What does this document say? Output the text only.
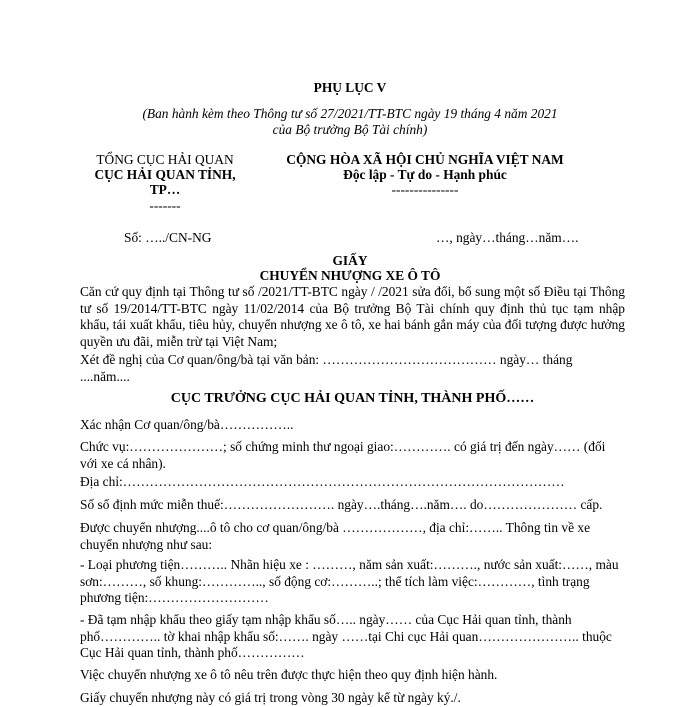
PHỤ LỤC V

(Ban hành kèm theo Thông tư số 27/2021/TT-BTC ngày 19 tháng 4 năm 2021

của Bộ trưởng Bộ Tài chính)

TỔNG CỤC HẢI QUAN

CỤC HẢI QUAN TỈNH,

TP…

-------

CỘNG HÒA XÃ HỘI CHỦ NGHĨA VIỆT NAM

Độc lập - Tự do - Hạnh phúc

---------------

Số: …../CN-NG	…, ngày…tháng…năm….

GIẤY

CHUYỂN NHƯỢNG XE Ô TÔ

Căn cứ quy định tại Thông tư số /2021/TT-BTC ngày / /2021 sửa đổi, bổ sung một số Điều tại Thông tư số 19/2014/TT-BTC ngày 11/02/2014 của Bộ trưởng Bộ Tài chính quy định thủ tục tạm nhập khẩu, tái xuất khẩu, tiêu hủy, chuyển nhượng xe ô tô, xe hai bánh gắn máy của đối tượng được hưởng quyền ưu đãi, miễn trừ tại Việt Nam;

Xét đề nghị của Cơ quan/ông/bà tại văn bản: ………………………………… ngày… tháng ....năm....

CỤC TRƯỞNG CỤC HẢI QUAN TỈNH, THÀNH PHỐ……

Xác nhận Cơ quan/ông/bà……………..

Chức vụ:…………………; số chứng minh thư ngoại giao:…………. có giá trị đến ngày…… (đối với xe cá nhân).

Địa chỉ:………………………………………………………………………………………

Số sổ định mức miễn thuế:……………………. ngày….tháng….năm…. do………………… cấp.

Được chuyển nhượng....ô tô cho cơ quan/ông/bà ………………, địa chỉ:…….. Thông tin về xe chuyển nhượng như sau:

- Loại phương tiện……….. Nhãn hiệu xe : ………, năm sản xuất:………., nước sản xuất:……, màu sơn:………, số khung:………….., số động cơ:………..; thể tích làm việc:…………, tình trạng phương tiện:………………………

- Đã tạm nhập khẩu theo giấy tạm nhập khẩu số….. ngày…… của Cục Hải quan tỉnh, thành phố………….. tờ khai nhập khẩu số:……. ngày ……tại Chi cục Hải quan………………….. thuộc Cục Hải quan tỉnh, thành phố……………

Việc chuyển nhượng xe ô tô nêu trên được thực hiện theo quy định hiện hành.

Giấy chuyển nhượng này có giá trị trong vòng 30 ngày kể từ ngày ký./.
